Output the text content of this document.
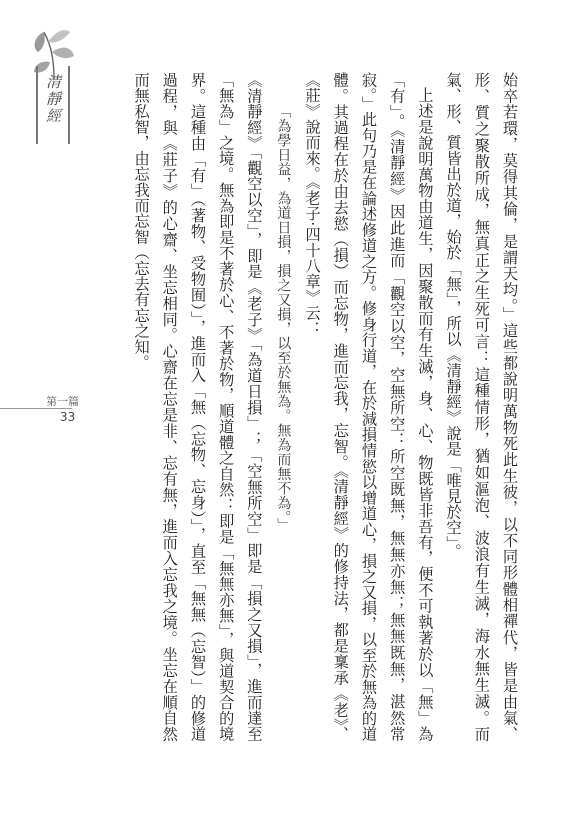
清靜經
第一篇
33	始卒若環，莫得其倫，是謂天均。」這些都說明萬物死此生彼，以不同形體相禪代，皆是由氣、形、質之聚散所成，無真正之生死可言：這種情形，猶如漚泡、波浪有生滅，海水無生滅。而氣、形、質皆出於道，始於「無」，所以《清靜經》說是「唯見於空」。

上述是說明萬物由道生，因聚散而有生滅，身、心、物既皆非吾有，便不可執著於以「無」為「有」。《清靜經》因此進而「觀空以空，空無所空：所空既無，無無亦無；無無既無，湛然常寂。」此句乃是在論述修道之方。修身行道，在於減損情慾以增道心，損之又損，以至於無為的道體。其過程在於由去慾（損）而忘物，進而忘我，忘智。《清靜經》的修持法，都是稟承《老》、《莊》說而來。《老子‧四十八章》云：

「為學日益，為道日損，損之又損，以至於無為。無為而無不為。」

《清靜經》「觀空以空」，即是《老子》「為道日損」；「空無所空」即是「損之又損」，進而達至「無為」之境。無為即是不著於心、不著於物，順道體之自然：即是「無無亦無」，與道契合的境界。這種由「有」（著物、受物囿）」，進而入「無（忘物、忘身）」，直至「無無（忘智）」的修道過程，與《莊子》的心齋、坐忘相同。心齋在忘是非、忘有無，進而入忘我之境。坐忘在順自然而無私智，由忘我而忘智（忘去有忘之知。
